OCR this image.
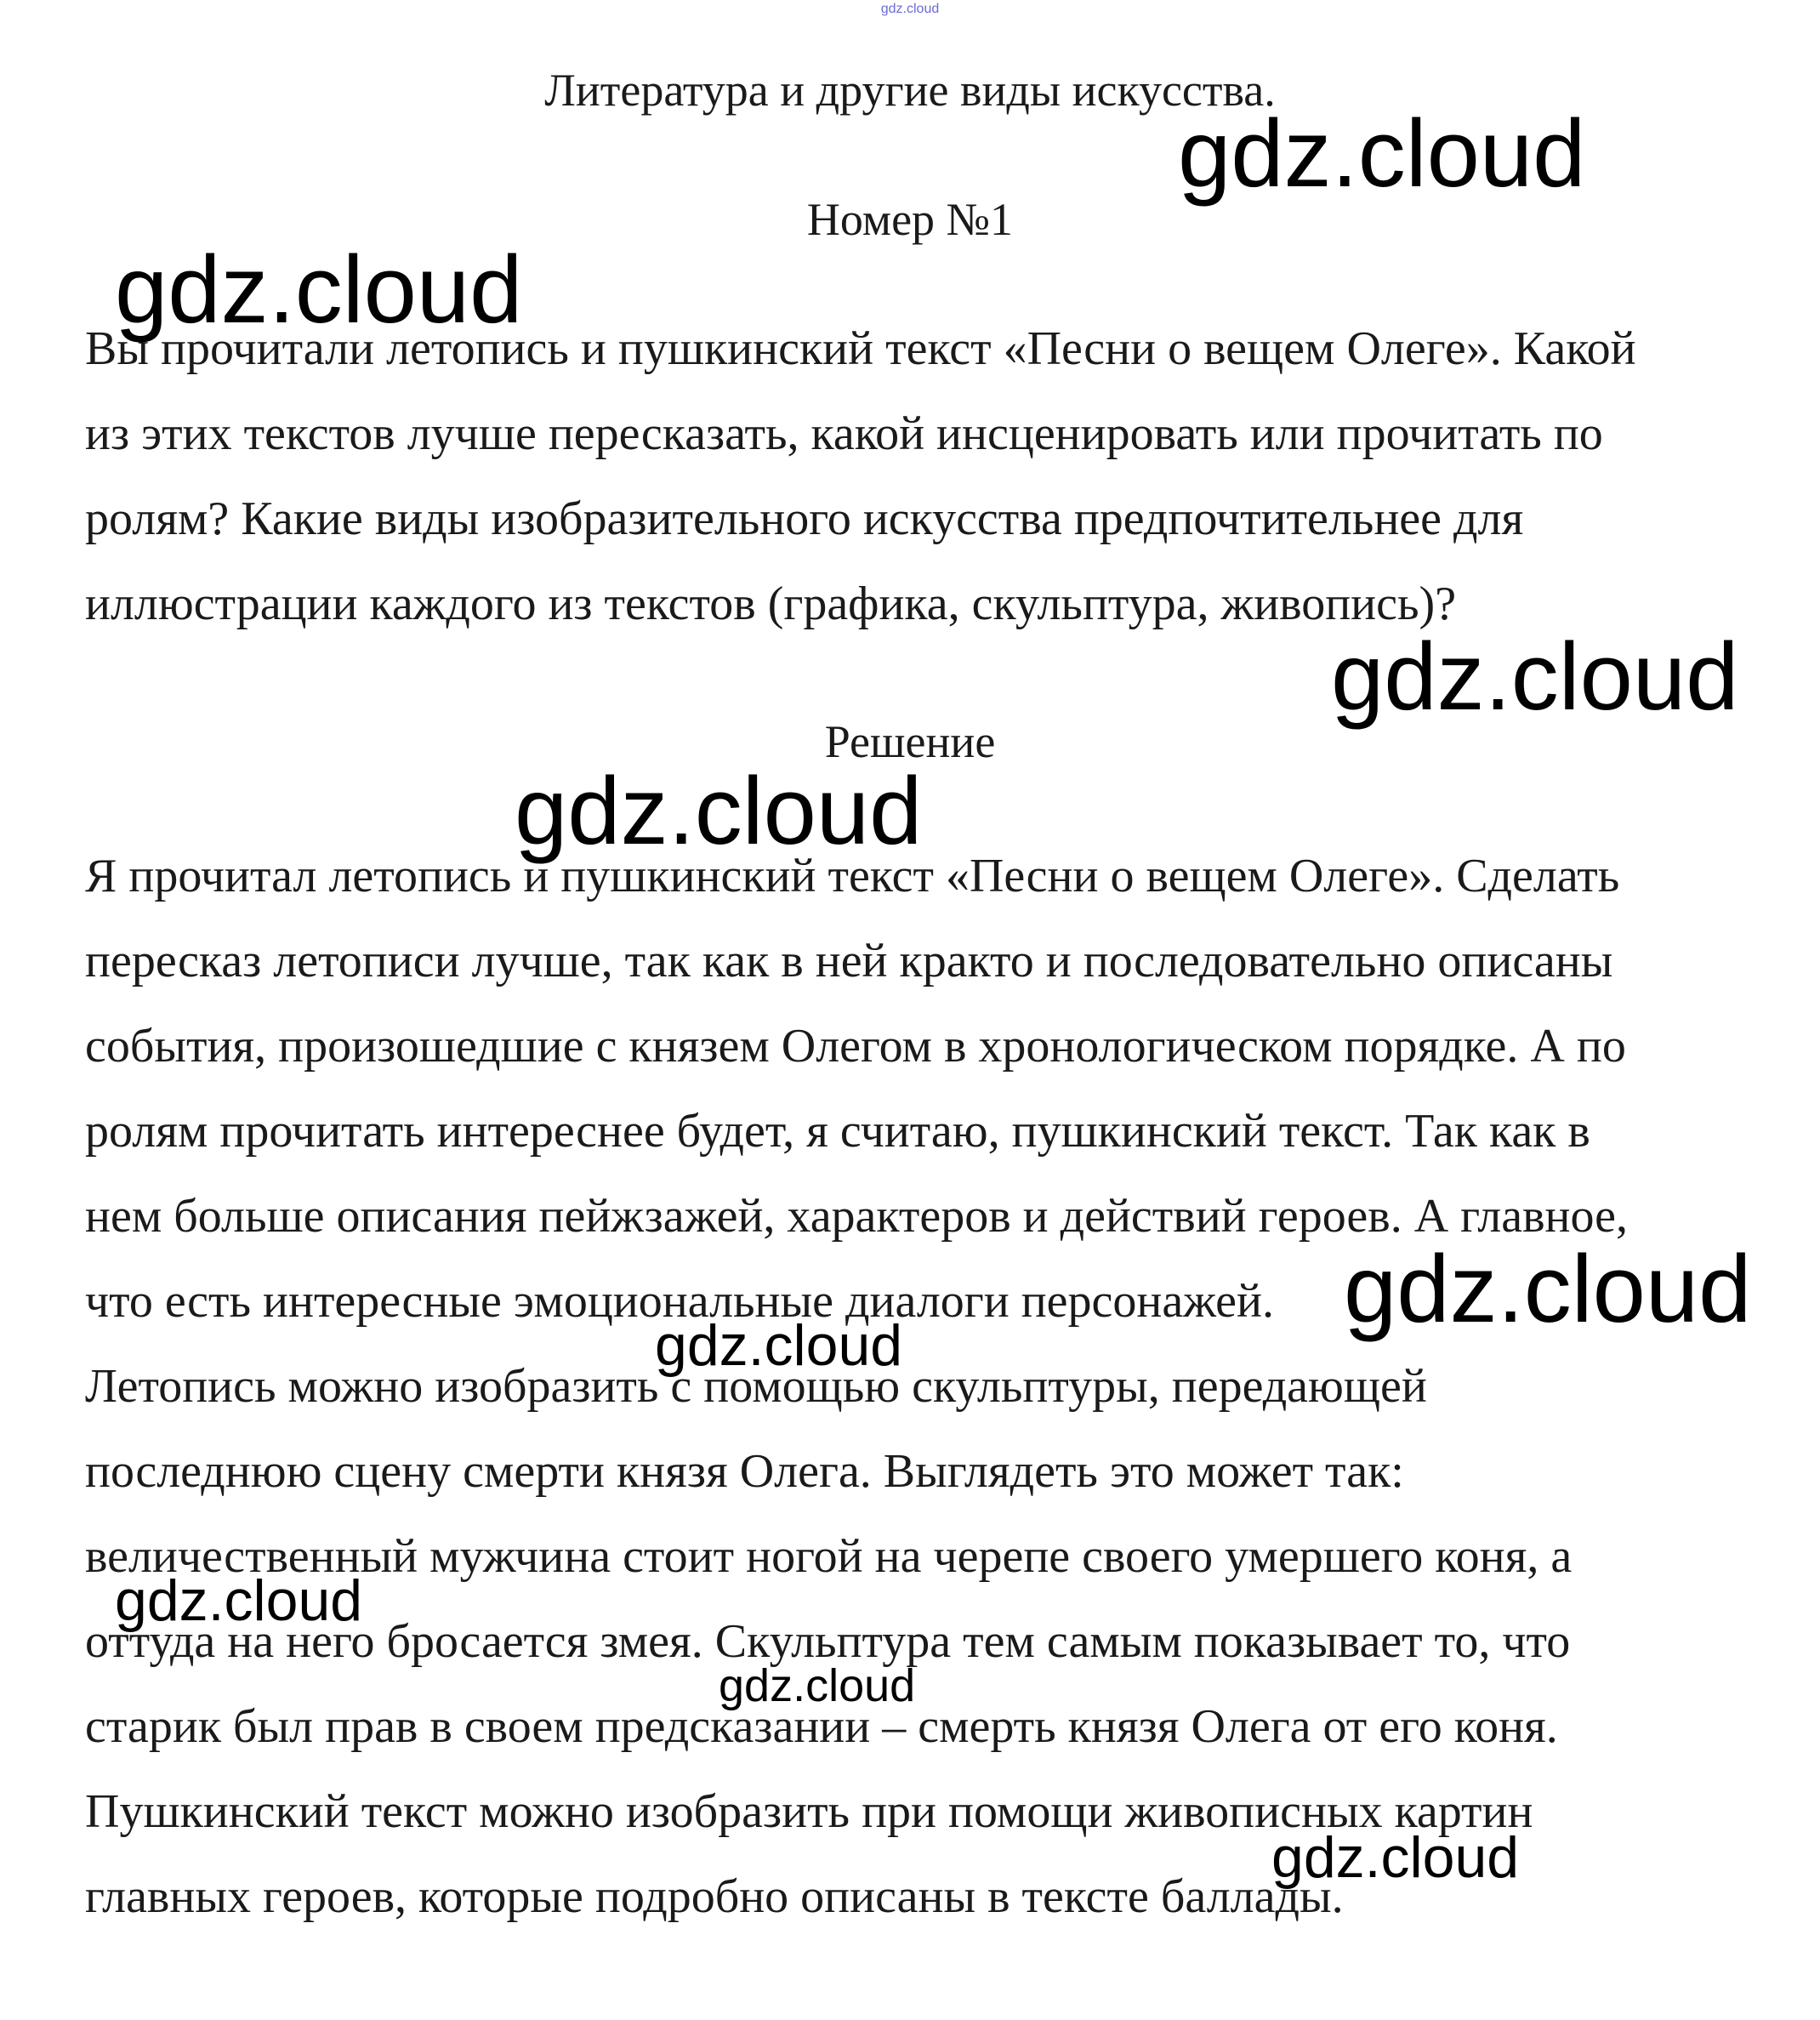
gdz.cloud
Литература и другие виды искусства.
Номер №1

Вы прочитали летопись и пушкинский текст «Песни о вещем Олеге». Какой
из этих текстов лучше пересказать, какой инсценировать или прочитать по
ролям? Какие виды изобразительного искусства предпочтительнее для
иллюстрации каждого из текстов (графика, скульптура, живопись)?

Решение

Я прочитал летопись и пушкинский текст «Песни о вещем Олеге». Сделать
пересказ летописи лучше, так как в ней кракто и последовательно описаны
события, произошедшие с князем Олегом в хронологическом порядке. А по
ролям прочитать интереснее будет, я считаю, пушкинский текст. Так как в
нем больше описания пейжзажей, характеров и действий героев. А главное,
что есть интересные эмоциональные диалоги персонажей.
Летопись можно изобразить с помощью скульптуры, передающей
последнюю сцену смерти князя Олега. Выглядеть это может так:
величественный мужчина стоит ногой на черепе своего умершего коня, а
оттуда на него бросается змея. Скульптура тем самым показывает то, что
старик был прав в своем предсказании – смерть князя Олега от его коня.
Пушкинский текст можно изобразить при помощи живописных картин
главных героев, которые подробно описаны в тексте баллады.

gdz.cloud
gdz.cloud
gdz.cloud
gdz.cloud
gdz.cloud
gdz.cloud
gdz.cloud
gdz.cloud
gdz.cloud
